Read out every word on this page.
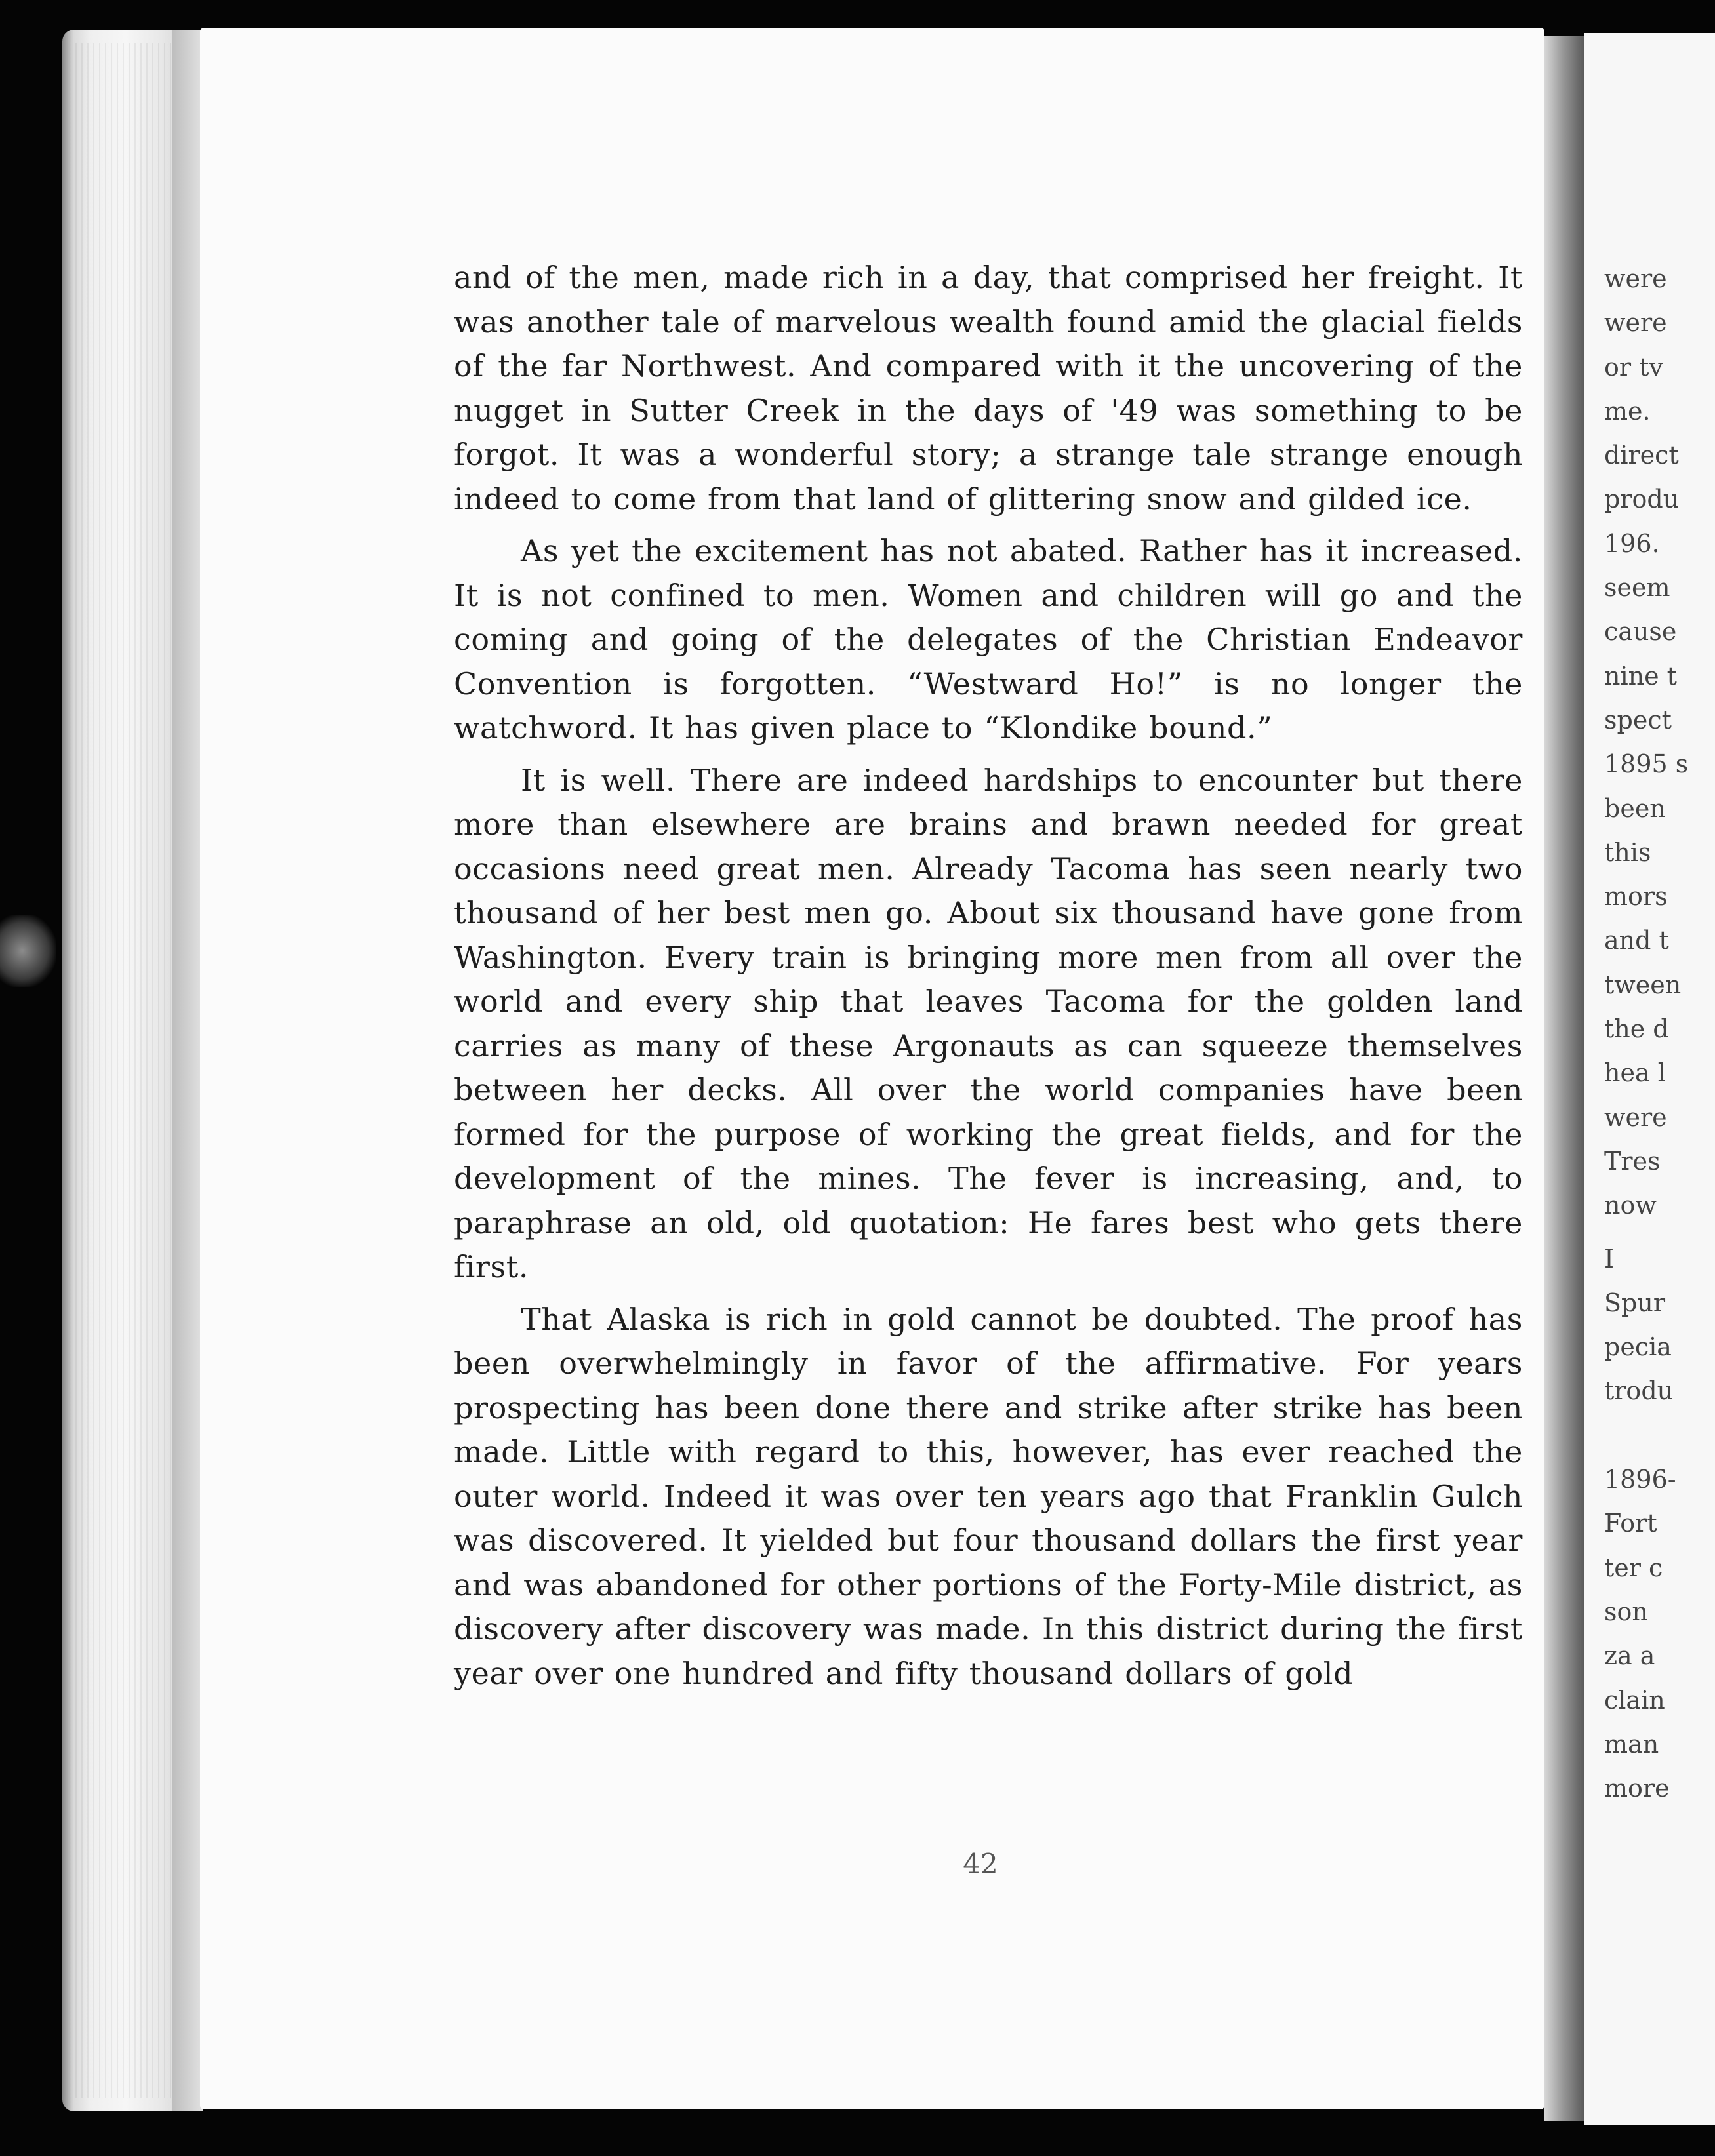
and of the men, made rich in a day, that comprised her freight. It was another tale of marvelous wealth found amid the glacial fields of the far Northwest. And compared with it the uncovering of the nugget in Sutter Creek in the days of '49 was something to be forgot. It was a wonderful story; a strange tale strange enough indeed to come from that land of glittering snow and gilded ice.

As yet the excitement has not abated. Rather has it increased. It is not confined to men. Women and children will go and the coming and going of the delegates of the Christian Endeavor Convention is forgotten. “Westward Ho!” is no longer the watchword. It has given place to “Klondike bound.”

It is well. There are indeed hardships to encounter but there more than elsewhere are brains and brawn needed for great occasions need great men. Already Tacoma has seen nearly two thousand of her best men go. About six thousand have gone from Washington. Every train is bringing more men from all over the world and every ship that leaves Tacoma for the golden land carries as many of these Argonauts as can squeeze themselves between her decks. All over the world companies have been formed for the purpose of working the great fields, and for the development of the mines. The fever is increasing, and, to paraphrase an old, old quotation: He fares best who gets there first.

That Alaska is rich in gold cannot be doubted. The proof has been overwhelmingly in favor of the affirmative. For years prospecting has been done there and strike after strike has been made. Little with regard to this, however, has ever reached the outer world. Indeed it was over ten years ago that Franklin Gulch was discovered. It yielded but four thousand dollars the first year and was abandoned for other portions of the Forty-Mile district, as discovery after discovery was made. In this district during the first year over one hundred and fifty thousand dollars of gold

42
were
were
or tv
me.
direct
produ
196.
seem
cause
nine t
spect
1895 s
been
this
mors
and t
tween
the d
hea l
were
Tres
now
I
Spur
pecia
trodu
1896-
Fort
ter c
son
za a
clain
man
more
